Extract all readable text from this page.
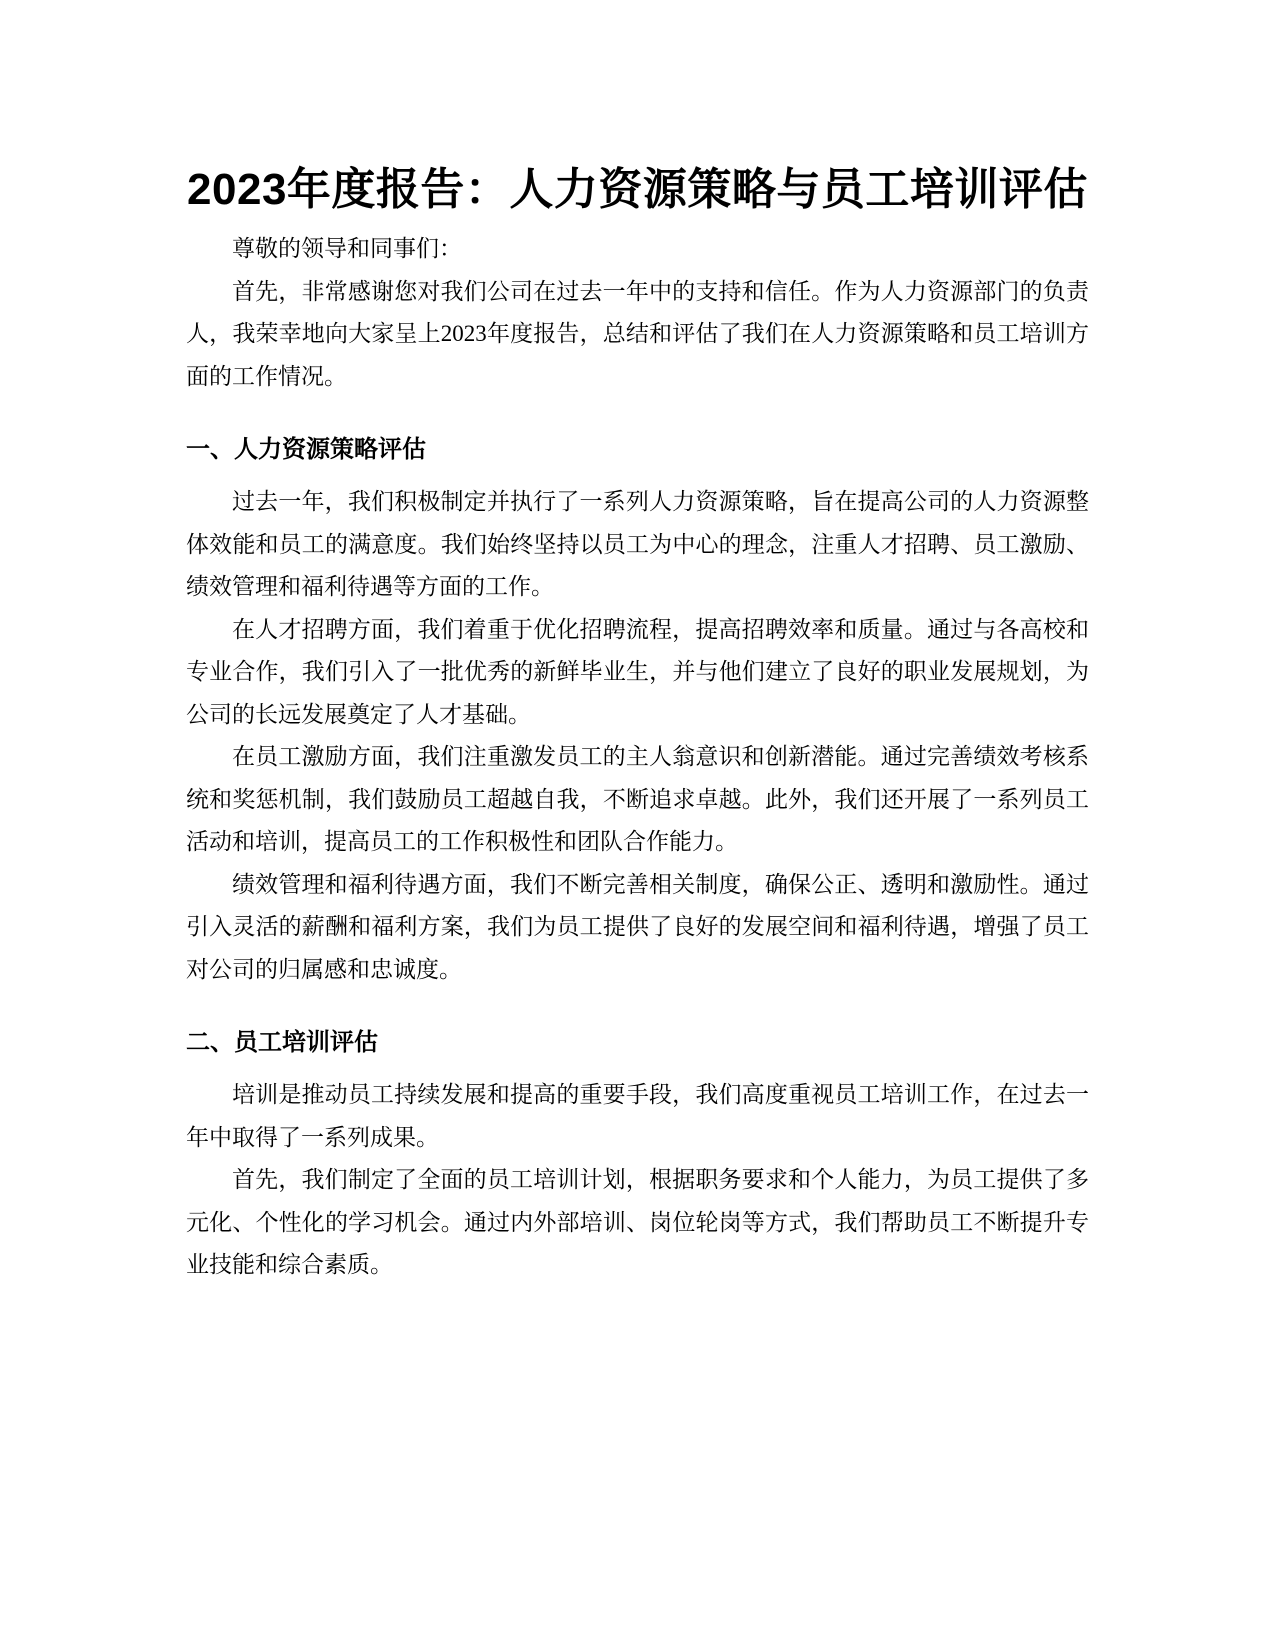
2023年度报告：人力资源策略与员工培训评估

尊敬的领导和同事们：

首先，非常感谢您对我们公司在过去一年中的支持和信任。作为人力资源部门的负责人，我荣幸地向大家呈上2023年度报告，总结和评估了我们在人力资源策略和员工培训方面的工作情况。

一、人力资源策略评估

过去一年，我们积极制定并执行了一系列人力资源策略，旨在提高公司的人力资源整体效能和员工的满意度。我们始终坚持以员工为中心的理念，注重人才招聘、员工激励、绩效管理和福利待遇等方面的工作。

在人才招聘方面，我们着重于优化招聘流程，提高招聘效率和质量。通过与各高校和专业合作，我们引入了一批优秀的新鲜毕业生，并与他们建立了良好的职业发展规划，为公司的长远发展奠定了人才基础。

在员工激励方面，我们注重激发员工的主人翁意识和创新潜能。通过完善绩效考核系统和奖惩机制，我们鼓励员工超越自我，不断追求卓越。此外，我们还开展了一系列员工活动和培训，提高员工的工作积极性和团队合作能力。

绩效管理和福利待遇方面，我们不断完善相关制度，确保公正、透明和激励性。通过引入灵活的薪酬和福利方案，我们为员工提供了良好的发展空间和福利待遇，增强了员工对公司的归属感和忠诚度。

二、员工培训评估

培训是推动员工持续发展和提高的重要手段，我们高度重视员工培训工作，在过去一年中取得了一系列成果。

首先，我们制定了全面的员工培训计划，根据职务要求和个人能力，为员工提供了多元化、个性化的学习机会。通过内外部培训、岗位轮岗等方式，我们帮助员工不断提升专业技能和综合素质。
